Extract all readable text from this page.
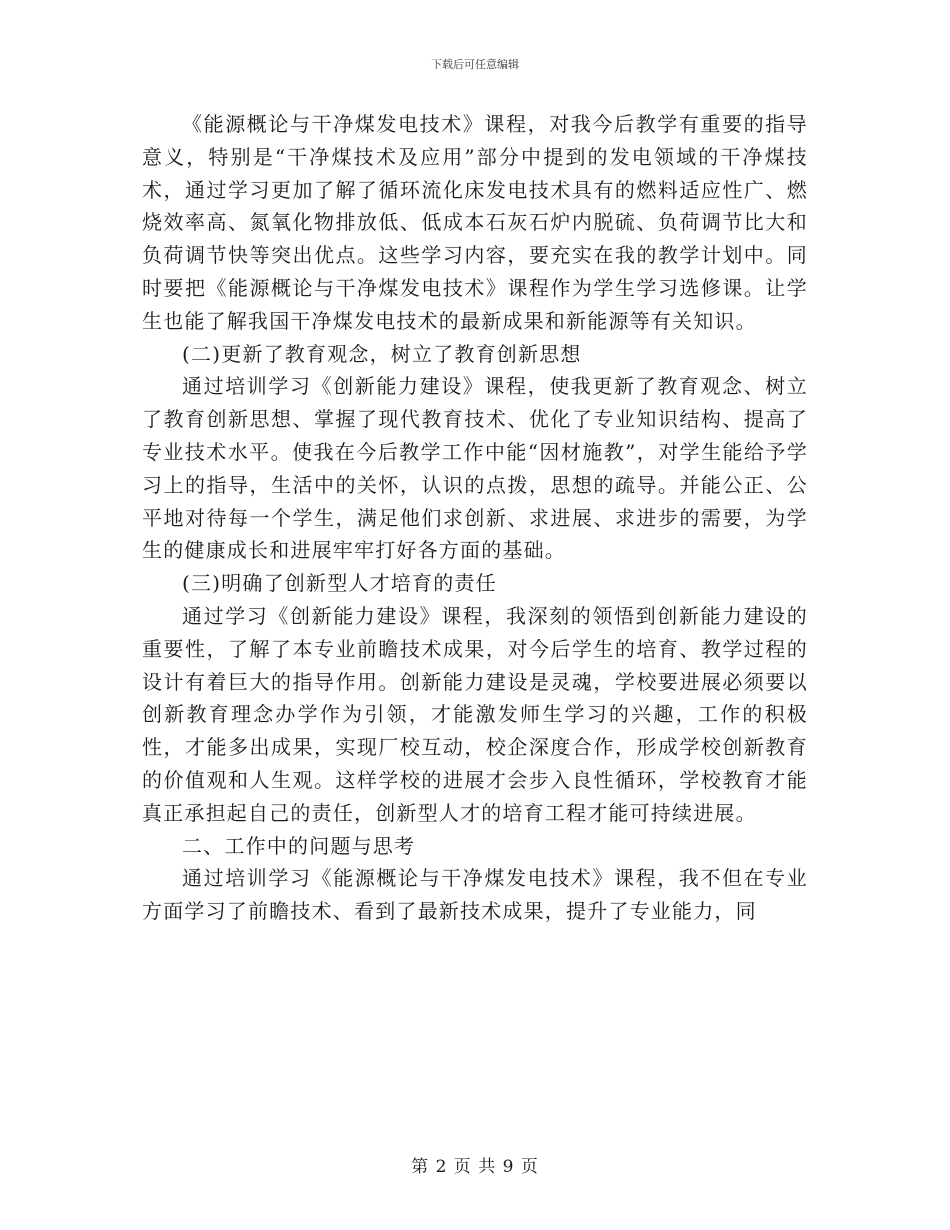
下载后可任意编辑

《能源概论与干净煤发电技术》课程，对我今后教学有重要的指导意义，特别是“干净煤技术及应用”部分中提到的发电领域的干净煤技术，通过学习更加了解了循环流化床发电技术具有的燃料适应性广、燃烧效率高、氮氧化物排放低、低成本石灰石炉内脱硫、负荷调节比大和负荷调节快等突出优点。这些学习内容，要充实在我的教学计划中。同时要把《能源概论与干净煤发电技术》课程作为学生学习选修课。让学生也能了解我国干净煤发电技术的最新成果和新能源等有关知识。

(二)更新了教育观念，树立了教育创新思想

通过培训学习《创新能力建设》课程，使我更新了教育观念、树立了教育创新思想、掌握了现代教育技术、优化了专业知识结构、提高了专业技术水平。使我在今后教学工作中能“因材施教”，对学生能给予学习上的指导，生活中的关怀，认识的点拨，思想的疏导。并能公正、公平地对待每一个学生，满足他们求创新、求进展、求进步的需要，为学生的健康成长和进展牢牢打好各方面的基础。

(三)明确了创新型人才培育的责任

通过学习《创新能力建设》课程，我深刻的领悟到创新能力建设的重要性，了解了本专业前瞻技术成果，对今后学生的培育、教学过程的设计有着巨大的指导作用。创新能力建设是灵魂，学校要进展必须要以创新教育理念办学作为引领，才能激发师生学习的兴趣，工作的积极性，才能多出成果，实现厂校互动，校企深度合作，形成学校创新教育的价值观和人生观。这样学校的进展才会步入良性循环，学校教育才能真正承担起自己的责任，创新型人才的培育工程才能可持续进展。

二、工作中的问题与思考

通过培训学习《能源概论与干净煤发电技术》课程，我不但在专业方面学习了前瞻技术、看到了最新技术成果，提升了专业能力，同

第 2 页 共 9 页
